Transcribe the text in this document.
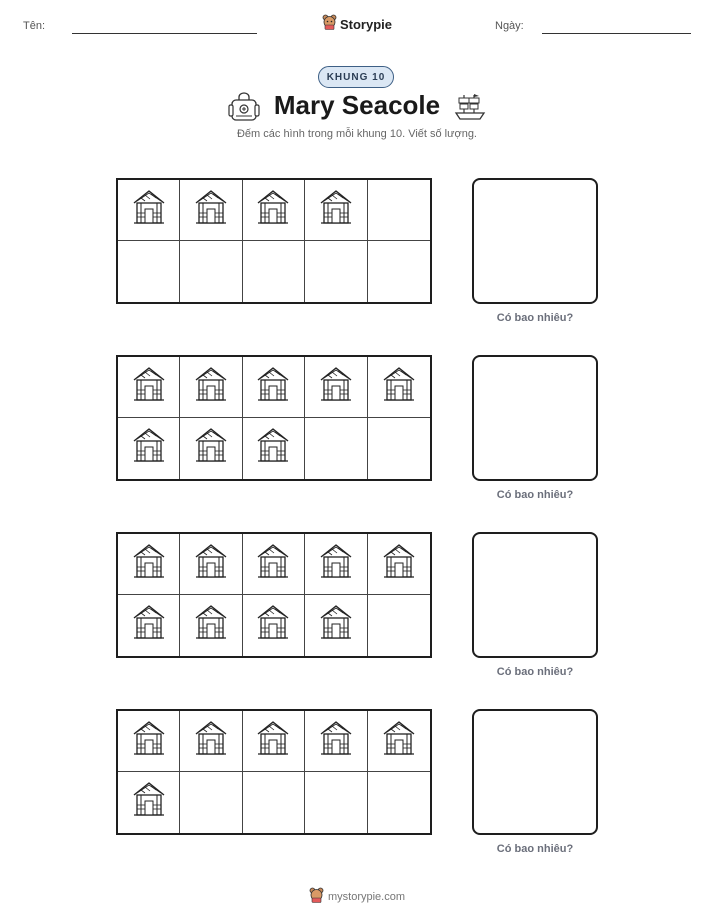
Tên:	Storypie	Ngày:
KHUNG 10
Mary Seacole
Đếm các hình trong mỗi khung 10. Viết số lượng.
Có bao nhiêu?
Có bao nhiêu?
Có bao nhiêu?
Có bao nhiêu?
mystorypie.com
